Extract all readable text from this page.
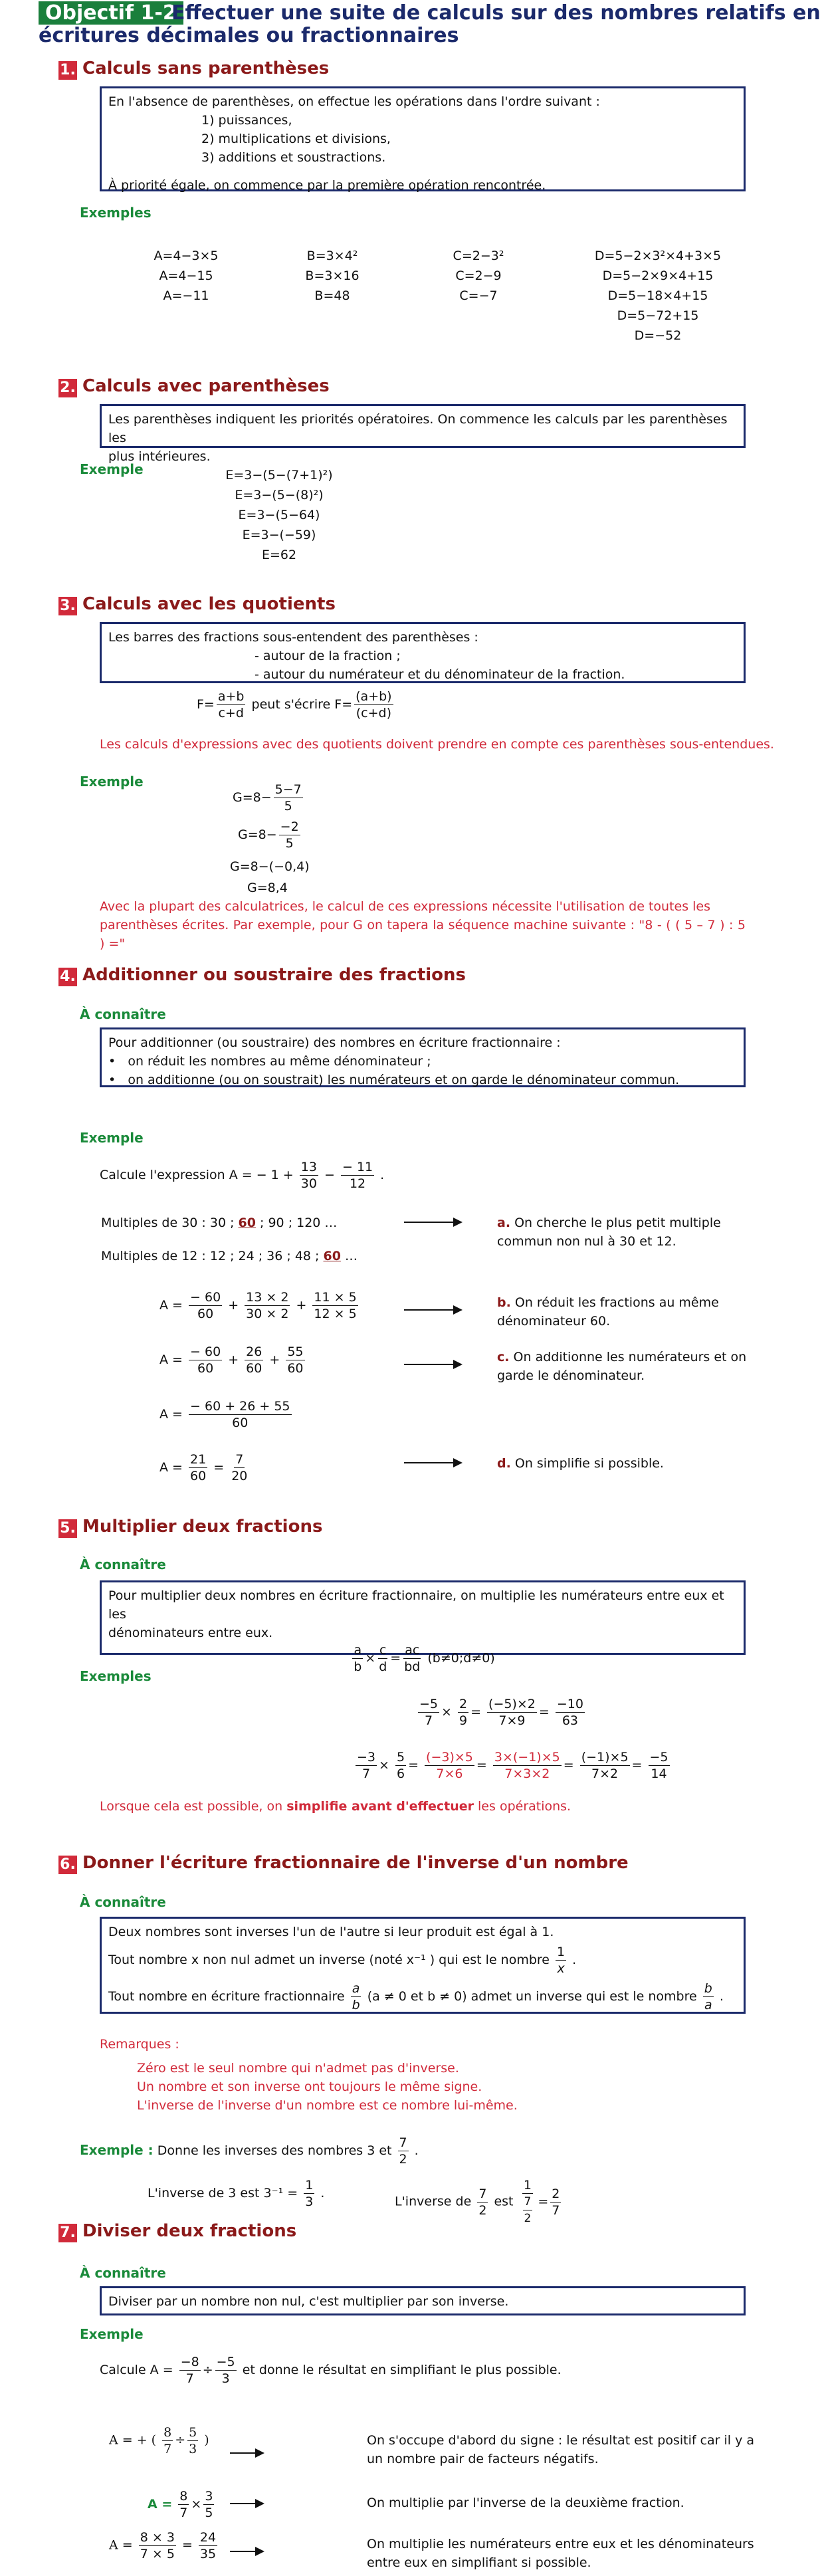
Objectif 1-2
Effectuer une suite de calculs sur des nombres relatifs en
écritures décimales ou fractionnaires
1. Calculs sans parenthèses
En l'absence de parenthèses, on effectue les opérations dans l'ordre suivant :
1) puissances,
2) multiplications et divisions,
3) additions et soustractions.
À priorité égale, on commence par la première opération rencontrée.
Exemples
A=4−3×5
A=4−15
A=−11
B=3×4²
B=3×16
B=48
C=2−3²
C=2−9
C=−7
D=5−2×3²×4+3×5
D=5−2×9×4+15
D=5−18×4+15
D=5−72+15
D=−52
2. Calculs avec parenthèses
Les parenthèses indiquent les priorités opératoires. On commence les calculs par les parenthèses les
plus intérieures.
Exemple	E=3−(5−(7+1)²)
E=3−(5−(8)²)
E=3−(5−64)
E=3−(−59)
E=62
3. Calculs avec les quotients
Les barres des fractions sous-entendent des parenthèses :
- autour de la fraction ;
- autour du numérateur et du dénominateur de la fraction.
$F= \frac{a+b}{c+d}$ peut s'écrire $F= \frac{(a+b)}{(c+d)}$
Les calculs d'expressions avec des quotients doivent prendre en compte ces parenthèses sous-entendues.
Exemple
$G=8- \frac{5-7}{5}$
$G=8- \frac{-2}{5}$
G=8−(−0,4)
G=8,4
Avec la plupart des calculatrices, le calcul de ces expressions nécessite l'utilisation de toutes les
parenthèses écrites. Par exemple, pour G on tapera la séquence machine suivante : "8 - ( ( 5 – 7 ) : 5 ) ="
4. Additionner ou soustraire des fractions
À connaître
Pour additionner (ou soustraire) des nombres en écriture fractionnaire :
•   on réduit les nombres au même dénominateur ;
•   on additionne (ou on soustrait) les numérateurs et on garde le dénominateur commun.
Exemple
Calcule l'expression A = − $1 + \frac{13}{30} - \frac{- 11}{12}$ .
Multiples de 30 : 30 ; 60 ; 90 ; 120 …
Multiples de 12 : 12 ; 24 ; 36 ; 48 ; 60 …
a. On cherche le plus petit multiple
commun non nul à 30 et 12.
$A = \frac{- 60}{60} + \frac{13 \times 2}{30 \times 2} + \frac{11 \times 5}{12 \times 5}$	b. On réduit les fractions au même
dénominateur 60.
$A = \frac{- 60}{60} + \frac{26}{60} + \frac{55}{60}$	c. On additionne les numérateurs et on
garde le dénominateur.
$A = \frac{- 60 + 26 + 55}{60}$
$A = \frac{21}{60} = \frac{7}{20}$	d. On simplifie si possible.
5. Multiplier deux fractions
À connaître
Pour multiplier deux nombres en écriture fractionnaire, on multiplie les numérateurs entre eux et les
dénominateurs entre eux.
$\frac{a}{b} \times \frac{c}{d} = \frac{ac}{bd}$ (b≠0;d≠0)
Exemples
$\frac{-5}{7} \times \frac{2}{9} = \frac{(-5)\times 2}{7\times 9} = \frac{-10}{63}$
$\frac{-3}{7} \times \frac{5}{6} = \frac{(-3)\times 5}{7\times 6} = \frac{3\times(-1)\times 5}{7\times 3\times 2} = \frac{(-1)\times 5}{7\times 2} = \frac{-5}{14}$
Lorsque cela est possible, on simplifie avant d'effectuer les opérations.
6. Donner l'écriture fractionnaire de l'inverse d'un nombre
À connaître
Deux nombres sont inverses l'un de l'autre si leur produit est égal à 1.
Tout nombre x non nul admet un inverse (noté x⁻¹ ) qui est le nombre $\frac{1}{x}$ .
Tout nombre en écriture fractionnaire $\frac{a}{b} (a \ne 0$ et b ≠ 0) admet un inverse qui est le nombre $\frac{b}{a}$ .
Remarques :
Zéro est le seul nombre qui n'admet pas d'inverse.
Un nombre et son inverse ont toujours le même signe.
L'inverse de l'inverse d'un nombre est ce nombre lui-même.
Exemple : Donne les inverses des nombres 3 et $\frac{7}{2}$ .
L'inverse de 3 est $3^{-1} = \frac{1}{3}$ .
L'inverse de $\frac{7}{2}$ est $\frac{1}{\frac{7}{2}} = \frac{2}{7}$
7. Diviser deux fractions
À connaître
Diviser par un nombre non nul, c'est multiplier par son inverse.
Exemple
Calcule $A = \frac{-8}{7} \div \frac{-5}{3}$ et donne le résultat en simplifiant le plus possible.
A = + ( $\frac{8}{7} \div \frac{5}{3}$ )	On s'occupe d'abord du signe : le résultat est positif car il y a
un nombre pair de facteurs négatifs.
$A = \frac{8}{7} \times \frac{3}{5}$	On multiplie par l'inverse de la deuxième fraction.
$A = \frac{8 \times 3}{7 \times 5} = \frac{24}{35}$	On multiplie les numérateurs entre eux et les dénominateurs
entre eux en simplifiant si possible.
